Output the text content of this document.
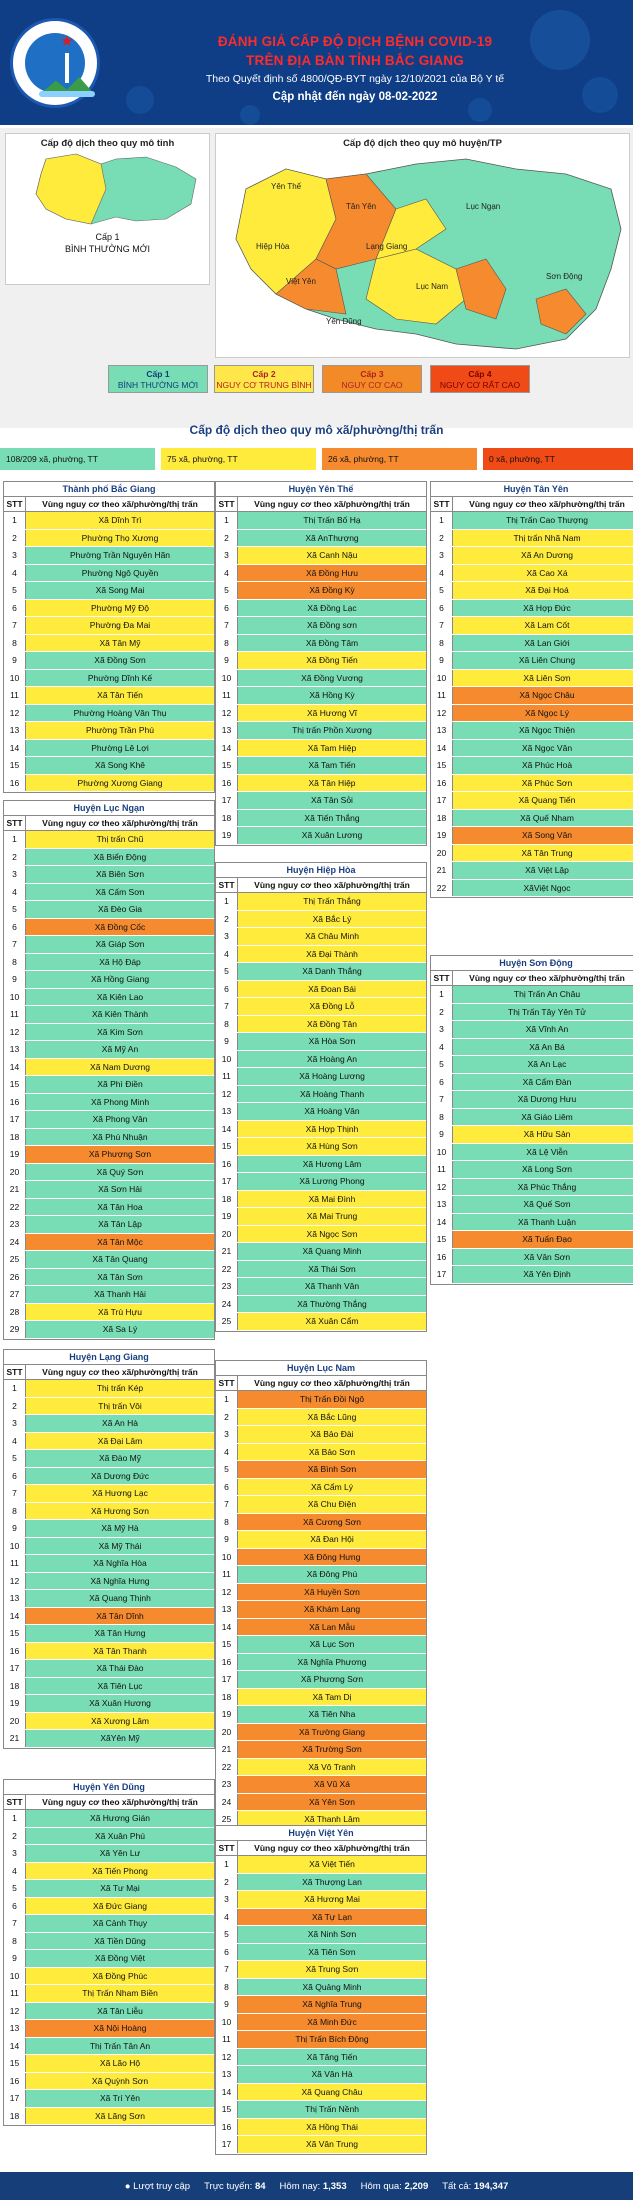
ĐÁNH GIÁ CẤP ĐỘ DỊCH BỆNH COVID-19
TRÊN ĐỊA BÀN TỈNH BẮC GIANG
Theo Quyết định số 4800/QĐ-BYT ngày 12/10/2021 của Bộ Y tế
Cập nhật đến ngày 08-02-2022
Cấp độ dịch theo quy mô tỉnh
Cấp 1
BÌNH THƯỜNG MỚI
Cấp độ dịch theo quy mô huyện/TP
Yên Thế
Tân Yên
Hiệp Hòa
Việt Yên
Lạng Giang
Lục Nam
Lục Ngạn
Sơn Động
Yên Dũng
Cấp 1
BÌNH THƯỜNG MỚI
Cấp 2
NGUY CƠ TRUNG BÌNH
Cấp 3
NGUY CƠ CAO
Cấp 4
NGUY CƠ RẤT CAO
Cấp độ dịch theo quy mô xã/phường/thị trấn
108/209 xã, phường, TT	75 xã, phường, TT	26 xã, phường, TT	0 xã, phường, TT
Thành phố Bắc Giang
STT	Vùng nguy cơ theo xã/phường/thị trấn
1	Xã Dĩnh Trì
2	Phường Thọ Xương
3	Phường Trần Nguyên Hãn
4	Phường Ngô Quyền
5	Xã Song Mai
6	Phường Mỹ Độ
7	Phường Đa Mai
8	Xã Tân Mỹ
9	Xã Đồng Sơn
10	Phường Dĩnh Kế
11	Xã Tân Tiến
12	Phường Hoàng Văn Thụ
13	Phường Trần Phú
14	Phường Lê Lợi
15	Xã Song Khê
16	Phường Xương Giang
Huyện Lục Ngạn
STT	Vùng nguy cơ theo xã/phường/thị trấn
1	Thị trấn Chũ
2	Xã Biển Động
3	Xã Biên Sơn
4	Xã Cấm Sơn
5	Xã Đèo Gia
6	Xã Đồng Cốc
7	Xã Giáp Sơn
8	Xã Hộ Đáp
9	Xã Hồng Giang
10	Xã Kiên Lao
11	Xã Kiên Thành
12	Xã Kim Sơn
13	Xã Mỹ An
14	Xã Nam Dương
15	Xã Phì Điền
16	Xã Phong Minh
17	Xã Phong Vân
18	Xã Phú Nhuận
19	Xã Phượng Sơn
20	Xã Quý Sơn
21	Xã Sơn Hải
22	Xã Tân Hoa
23	Xã Tân Lập
24	Xã Tân Mộc
25	Xã Tân Quang
26	Xã Tân Sơn
27	Xã Thanh Hải
28	Xã Trù Hựu
29	Xã Sa Lý
Huyện Lạng Giang
STT	Vùng nguy cơ theo xã/phường/thị trấn
1	Thị trấn Kép
2	Thị trấn Vôi
3	Xã An Hà
4	Xã Đại Lâm
5	Xã Đào Mỹ
6	Xã Dương Đức
7	Xã Hương Lạc
8	Xã Hương Sơn
9	Xã Mỹ Hà
10	Xã Mỹ Thái
11	Xã Nghĩa Hòa
12	Xã Nghĩa Hưng
13	Xã Quang Thịnh
14	Xã Tân Dĩnh
15	Xã Tân Hưng
16	Xã Tân Thanh
17	Xã Thái Đào
18	Xã Tiên Lục
19	Xã Xuân Hương
20	Xã Xương Lâm
21	XãYên Mỹ
Huyện Yên Dũng
STT	Vùng nguy cơ theo xã/phường/thị trấn
1	Xã Hương Gián
2	Xã Xuân Phú
3	Xã Yên Lư
4	Xã Tiến Phong
5	Xã Tư Mại
6	Xã Đức Giang
7	Xã Cảnh Thụy
8	Xã Tiền Dũng
9	Xã Đồng Việt
10	Xã Đồng Phúc
11	Thị Trấn Nham Biền
12	Xã Tân Liễu
13	Xã Nội Hoàng
14	Thị Trấn Tân An
15	Xã Lão Hộ
16	Xã Quỳnh Sơn
17	Xã Trí Yên
18	Xã Lãng Sơn
Huyện Yên Thế
STT	Vùng nguy cơ theo xã/phường/thị trấn
1	Thị Trấn Bố Hạ
2	Xã AnThượng
3	Xã Canh Nậu
4	Xã Đồng Hưu
5	Xã Đồng Kỳ
6	Xã Đồng Lạc
7	Xã Đồng sơn
8	Xã Đồng Tâm
9	Xã Đồng Tiến
10	Xã Đồng Vương
11	Xã Hồng Kỳ
12	Xã Hương Vĩ
13	Thị trấn Phồn Xương
14	Xã Tam Hiệp
15	Xã Tam Tiến
16	Xã Tân Hiệp
17	Xã Tân Sỏi
18	Xã Tiến Thắng
19	Xã Xuân Lương
Huyện Hiệp Hòa
STT	Vùng nguy cơ theo xã/phường/thị trấn
1	Thị Trấn Thắng
2	Xã Bắc Lý
3	Xã Châu Minh
4	Xã Đại Thành
5	Xã Danh Thắng
6	Xã Đoan Bái
7	Xã Đồng Lỗ
8	Xã Đồng Tân
9	Xã Hòa Sơn
10	Xã Hoàng An
11	Xã Hoàng Lương
12	Xã Hoàng Thanh
13	Xã Hoàng Vân
14	Xã Hợp Thịnh
15	Xã Hùng Sơn
16	Xã Hương Lâm
17	Xã Lương Phong
18	Xã Mai Đình
19	Xã Mai Trung
20	Xã Ngọc Sơn
21	Xã Quang Minh
22	Xã Thái Sơn
23	Xã Thanh Vân
24	Xã Thường Thắng
25	Xã Xuân Cẩm
Huyện Lục Nam
STT	Vùng nguy cơ theo xã/phường/thị trấn
1	Thị Trấn Đồi Ngô
2	Xã Bắc Lũng
3	Xã Bảo Đài
4	Xã Bảo Sơn
5	Xã Bình Sơn
6	Xã Cẩm Lý
7	Xã Chu Điện
8	Xã Cương Sơn
9	Xã Đan Hội
10	Xã Đông Hưng
11	Xã Đông Phú
12	Xã Huyền Sơn
13	Xã Khám Lạng
14	Xã Lan Mẫu
15	Xã Lục Sơn
16	Xã Nghĩa Phương
17	Xã Phương Sơn
18	Xã Tam Dị
19	Xã Tiên Nha
20	Xã Trường Giang
21	Xã Trường Sơn
22	Xã Vô Tranh
23	Xã Vũ Xá
24	Xã Yên Sơn
25	Xã Thanh Lâm
Huyện Việt Yên
STT	Vùng nguy cơ theo xã/phường/thị trấn
1	Xã Việt Tiến
2	Xã Thượng Lan
3	Xã Hương Mai
4	Xã Tự Lạn
5	Xã Ninh Sơn
6	Xã Tiên Sơn
7	Xã Trung Sơn
8	Xã Quảng Minh
9	Xã Nghĩa Trung
10	Xã Minh Đức
11	Thị Trấn Bích Động
12	Xã Tăng Tiến
13	Xã Vân Hà
14	Xã Quang Châu
15	Thị Trấn Nềnh
16	Xã Hồng Thái
17	Xã Vân Trung
Huyện Tân Yên
STT	Vùng nguy cơ theo xã/phường/thị trấn
1	Thị Trấn Cao Thượng
2	Thị trấn Nhã Nam
3	Xã An Dương
4	Xã Cao Xá
5	Xã Đại Hoá
6	Xã Hợp Đức
7	Xã Lam Cốt
8	Xã Lan Giới
9	Xã Liên Chung
10	Xã Liên Sơn
11	Xã Ngọc Châu
12	Xã Ngọc Lý
13	Xã Ngọc Thiện
14	Xã Ngọc Vân
15	Xã Phúc Hoà
16	Xã Phúc Sơn
17	Xã Quang Tiến
18	Xã Quế Nham
19	Xã Song Vân
20	Xã Tân Trung
21	Xã Việt Lập
22	XãViệt Ngọc
Huyện Sơn Động
STT	Vùng nguy cơ theo xã/phường/thị trấn
1	Thị Trấn An Châu
2	Thị Trấn Tây Yên Tử
3	Xã Vĩnh An
4	Xã An Bá
5	Xã An Lạc
6	Xã Cẩm Đàn
7	Xã Dương Hưu
8	Xã Giáo Liêm
9	Xã Hữu Sản
10	Xã Lệ Viễn
11	Xã Long Sơn
12	Xã Phúc Thắng
13	Xã Quế Sơn
14	Xã Thanh Luận
15	Xã Tuấn Đạo
16	Xã Vân Sơn
17	Xã Yên Định
● Lượt truy cập Trực tuyến: 84 Hôm nay: 1,353 Hôm qua: 2,209 Tất cả: 194,347
